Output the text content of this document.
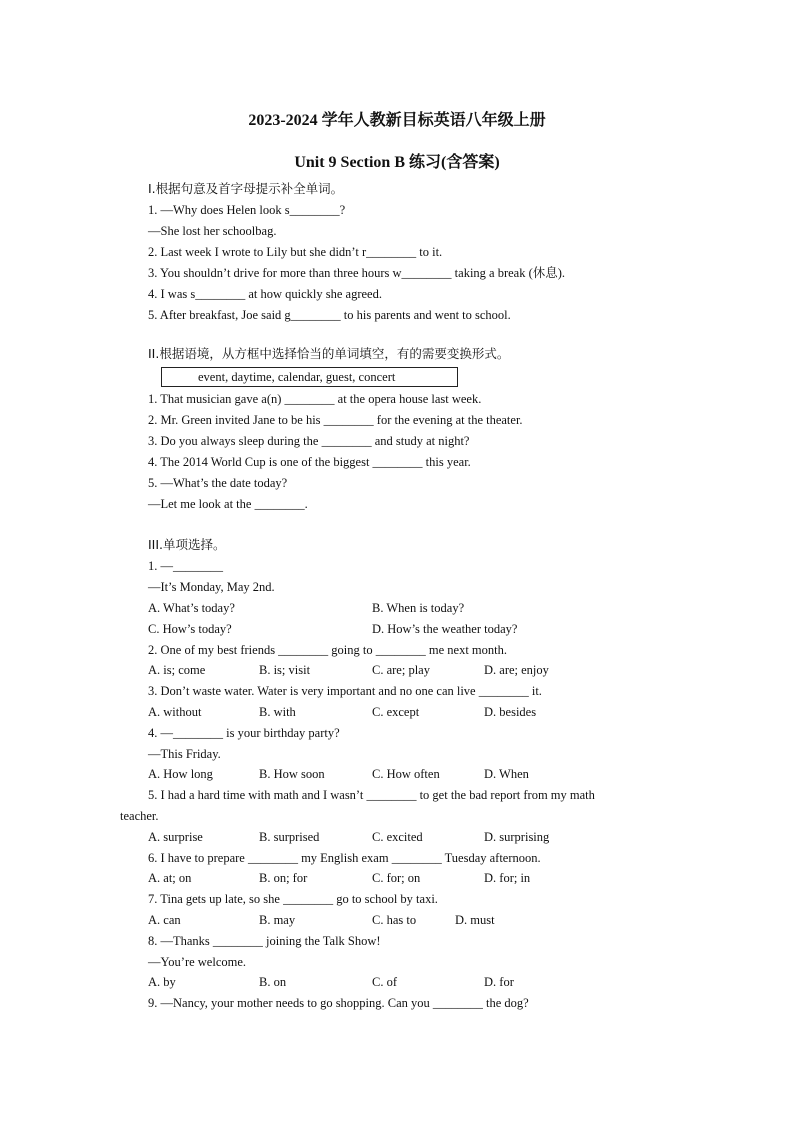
2023-2024 学年人教新目标英语八年级上册
Unit 9 Section B 练习(含答案)
I.根据句意及首字母提示补全单词。
1. —Why does Helen look s________?
—She lost her schoolbag.
2. Last week I wrote to Lily but she didn’t r________ to it.
3. You shouldn’t drive for more than three hours w________ taking a break (休息).
4. I was s________ at how quickly she agreed.
5. After breakfast, Joe said g________ to his parents and went to school.
II.根据语境，从方框中选择恰当的单词填空，有的需要变换形式。
event, daytime, calendar, guest, concert
1. That musician gave a(n) ________ at the opera house last week.
2. Mr. Green invited Jane to be his ________ for the evening at the theater.
3. Do you always sleep during the ________ and study at night?
4. The 2014 World Cup is one of the biggest ________ this year.
5. —What’s the date today?
—Let me look at the ________.
III.单项选择。
1. —________
—It’s Monday, May 2nd.
A. What’s today?	B. When is today?
C. How’s today?	D. How’s the weather today?
2. One of my best friends ________ going to ________ me next month.
A. is; come	B. is; visit	C. are; play	D. are; enjoy
3. Don’t waste water. Water is very important and no one can live ________ it.
A. without	B. with	C. except	D. besides
4. —________ is your birthday party?
—This Friday.
A. How long	B. How soon	C. How often	D. When
5. I had a hard time with math and I wasn’t ________ to get the bad report from my math
teacher.
A. surprise	B. surprised	C. excited	D. surprising
6. I have to prepare ________ my English exam ________ Tuesday afternoon.
A. at; on	B. on; for	C. for; on	D. for; in
7. Tina gets up late, so she ________ go to school by taxi.
A. can	B. may	C. has to	D. must
8. —Thanks ________ joining the Talk Show!
—You’re welcome.
A. by	B. on	C. of	D. for
9. —Nancy, your mother needs to go shopping. Can you ________ the dog?
